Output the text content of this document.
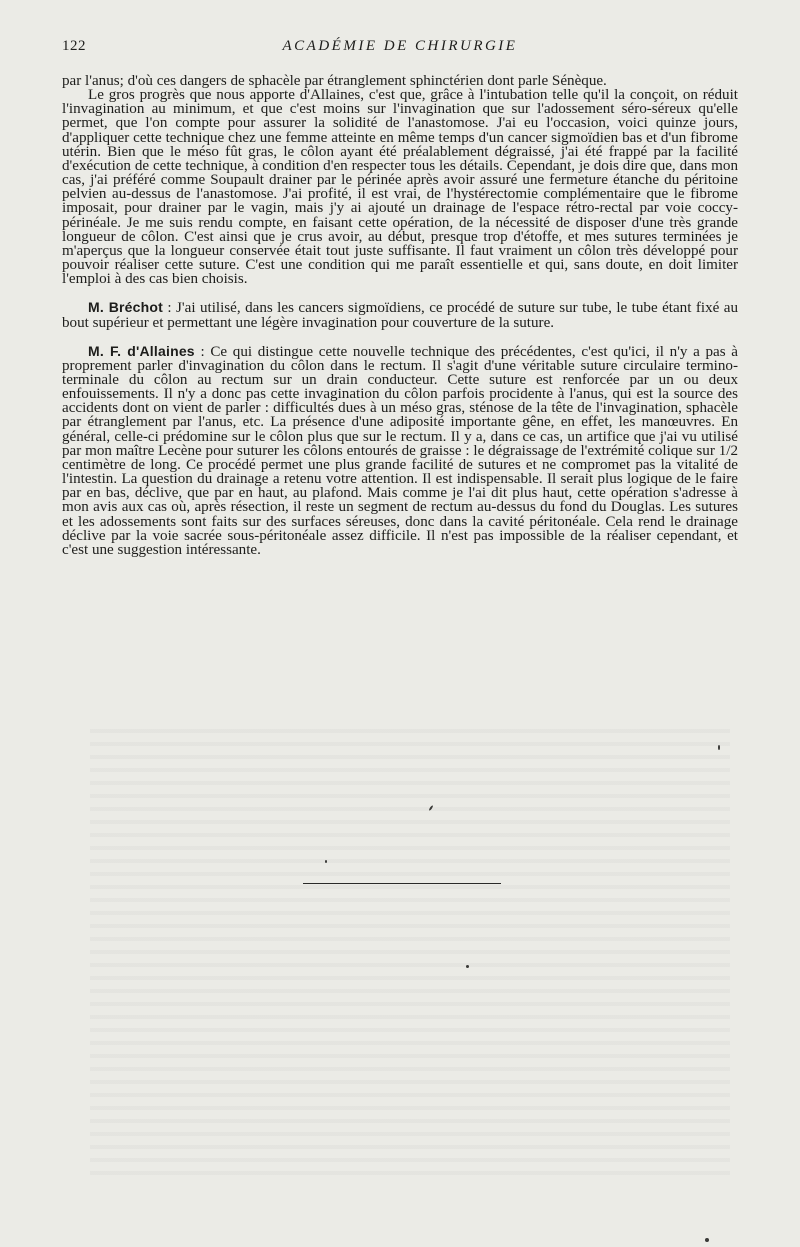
122	ACADÉMIE DE CHIRURGIE

par l'anus; d'où ces dangers de sphacèle par étranglement sphinctérien dont parle Sénèque.

Le gros progrès que nous apporte d'Allaines, c'est que, grâce à l'intubation telle qu'il la conçoit, on réduit l'invagination au minimum, et que c'est moins sur l'invagination que sur l'adossement séro-séreux qu'elle permet, que l'on compte pour assurer la solidité de l'anastomose. J'ai eu l'occasion, voici quinze jours, d'appliquer cette technique chez une femme atteinte en même temps d'un cancer sigmoïdien bas et d'un fibrome utérin. Bien que le méso fût gras, le côlon ayant été préalablement dégraissé, j'ai été frappé par la facilité d'exécution de cette technique, à condition d'en respecter tous les détails. Cependant, je dois dire que, dans mon cas, j'ai préféré comme Soupault drainer par le périnée après avoir assuré une fermeture étanche du péritoine pelvien au-dessus de l'anastomose. J'ai profité, il est vrai, de l'hystérectomie complémentaire que le fibrome imposait, pour drainer par le vagin, mais j'y ai ajouté un drainage de l'espace rétro-rectal par voie coccy-périnéale. Je me suis rendu compte, en faisant cette opération, de la nécessité de disposer d'une très grande longueur de côlon. C'est ainsi que je crus avoir, au début, presque trop d'étoffe, et mes sutures terminées je m'aperçus que la longueur conservée était tout juste suffisante. Il faut vraiment un côlon très développé pour pouvoir réaliser cette suture. C'est une condition qui me paraît essentielle et qui, sans doute, en doit limiter l'emploi à des cas bien choisis.

M. Bréchot : J'ai utilisé, dans les cancers sigmoïdiens, ce procédé de suture sur tube, le tube étant fixé au bout supérieur et permettant une légère invagination pour couverture de la suture.

M. F. d'Allaines : Ce qui distingue cette nouvelle technique des précédentes, c'est qu'ici, il n'y a pas à proprement parler d'invagination du côlon dans le rectum. Il s'agit d'une véritable suture circulaire termino-terminale du côlon au rectum sur un drain conducteur. Cette suture est renforcée par un ou deux enfouissements. Il n'y a donc pas cette invagination du côlon parfois procidente à l'anus, qui est la source des accidents dont on vient de parler : difficultés dues à un méso gras, sténose de la tête de l'invagination, sphacèle par étranglement par l'anus, etc. La présence d'une adiposité importante gêne, en effet, les manœuvres. En général, celle-ci prédomine sur le côlon plus que sur le rectum. Il y a, dans ce cas, un artifice que j'ai vu utilisé par mon maître Lecène pour suturer les côlons entourés de graisse : le dégraissage de l'extrémité colique sur 1/2 centimètre de long. Ce procédé permet une plus grande facilité de sutures et ne compromet pas la vitalité de l'intestin. La question du drainage a retenu votre attention. Il est indispensable. Il serait plus logique de le faire par en bas, déclive, que par en haut, au plafond. Mais comme je l'ai dit plus haut, cette opération s'adresse à mon avis aux cas où, après résection, il reste un segment de rectum au-dessus du fond du Douglas. Les sutures et les adossements sont faits sur des surfaces séreuses, donc dans la cavité péritonéale. Cela rend le drainage déclive par la voie sacrée sous-péritonéale assez difficile. Il n'est pas impossible de la réaliser cependant, et c'est une suggestion intéressante.
